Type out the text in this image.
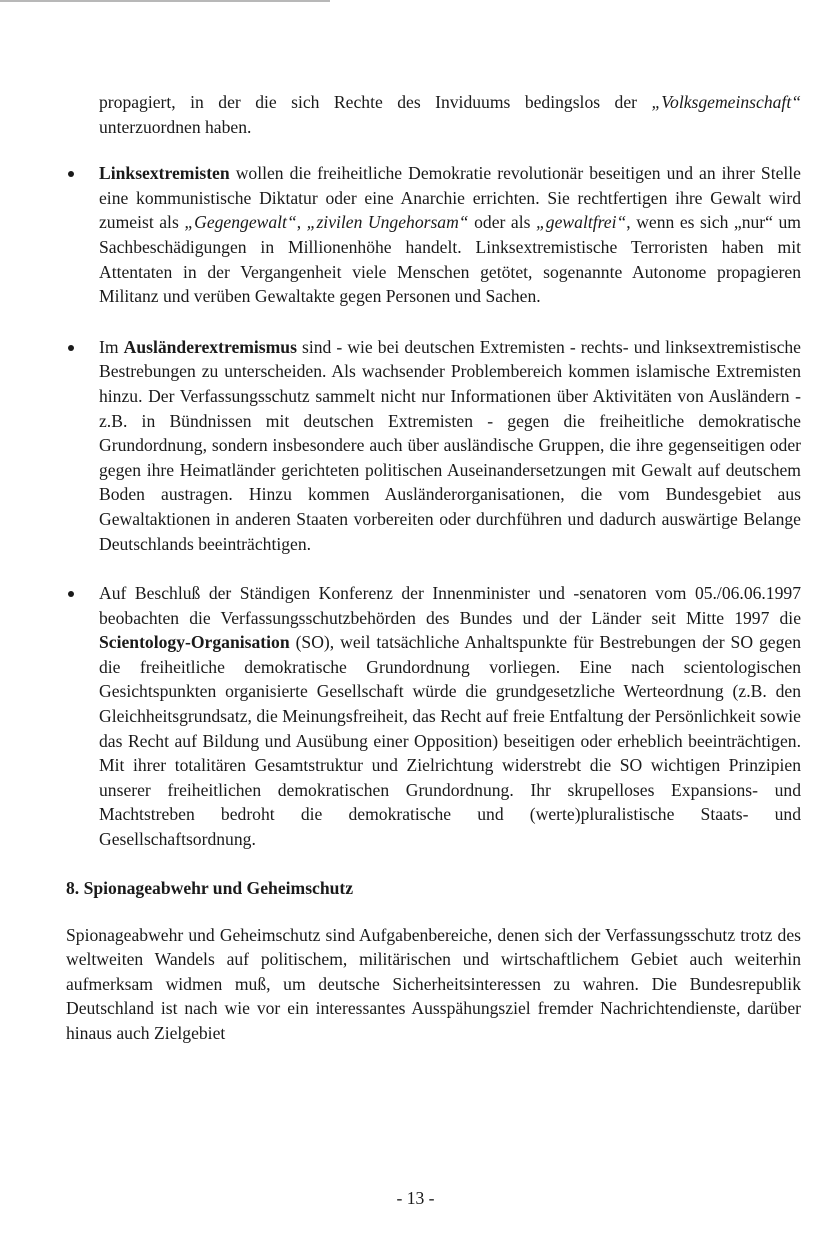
propagiert, in der die sich Rechte des Inviduums bedingslos der „Volksgemeinschaft“ unterzuordnen haben.

Linksextremisten wollen die freiheitliche Demokratie revolutionär beseitigen und an ihrer Stelle eine kommunistische Diktatur oder eine Anarchie errichten. Sie rechtfertigen ihre Gewalt wird zumeist als „Gegengewalt“, „zivilen Ungehorsam“ oder als „gewaltfrei“, wenn es sich „nur“ um Sachbeschädigungen in Millionenhöhe handelt. Linksextremistische Terroristen haben mit Attentaten in der Vergangenheit viele Menschen getötet, sogenannte Autonome propagieren Militanz und verüben Gewaltakte gegen Personen und Sachen.

Im Ausländerextremismus sind - wie bei deutschen Extremisten - rechts- und linksextremistische Bestrebungen zu unterscheiden. Als wachsender Problembereich kommen islamische Extremisten hinzu. Der Verfassungsschutz sammelt nicht nur Informationen über Aktivitäten von Ausländern - z.B. in Bündnissen mit deutschen Extremisten - gegen die freiheitliche demokratische Grundordnung, sondern insbesondere auch über ausländische Gruppen, die ihre gegenseitigen oder gegen ihre Heimatländer gerichteten politischen Auseinandersetzungen mit Gewalt auf deutschem Boden austragen. Hinzu kommen Ausländerorganisationen, die vom Bundesgebiet aus Gewaltaktionen in anderen Staaten vorbereiten oder durchführen und dadurch auswärtige Belange Deutschlands beeinträchtigen.

Auf Beschluß der Ständigen Konferenz der Innenminister und -senatoren vom 05./06.06.1997 beobachten die Verfassungsschutzbehörden des Bundes und der Länder seit Mitte 1997 die Scientology-Organisation (SO), weil tatsächliche Anhaltspunkte für Bestrebungen der SO gegen die freiheitliche demokratische Grundordnung vorliegen. Eine nach scientologischen Gesichtspunkten organisierte Gesellschaft würde die grundgesetzliche Werteordnung (z.B. den Gleichheitsgrundsatz, die Meinungsfreiheit, das Recht auf freie Entfaltung der Persönlichkeit sowie das Recht auf Bildung und Ausübung einer Opposition) beseitigen oder erheblich beeinträchtigen. Mit ihrer totalitären Gesamtstruktur und Zielrichtung widerstrebt die SO wichtigen Prinzipien unserer freiheitlichen demokratischen Grundordnung. Ihr skrupelloses Expansions- und Machtstreben bedroht die demokratische und (werte)pluralistische Staats- und Gesellschaftsordnung.

8. Spionageabwehr und Geheimschutz

Spionageabwehr und Geheimschutz sind Aufgabenbereiche, denen sich der Verfassungsschutz trotz des weltweiten Wandels auf politischem, militärischen und wirtschaftlichem Gebiet auch weiterhin aufmerksam widmen muß, um deutsche Sicherheitsinteressen zu wahren. Die Bundesrepublik Deutschland ist nach wie vor ein interessantes Ausspähungsziel fremder Nachrichtendienste, darüber hinaus auch Zielgebiet

- 13 -
